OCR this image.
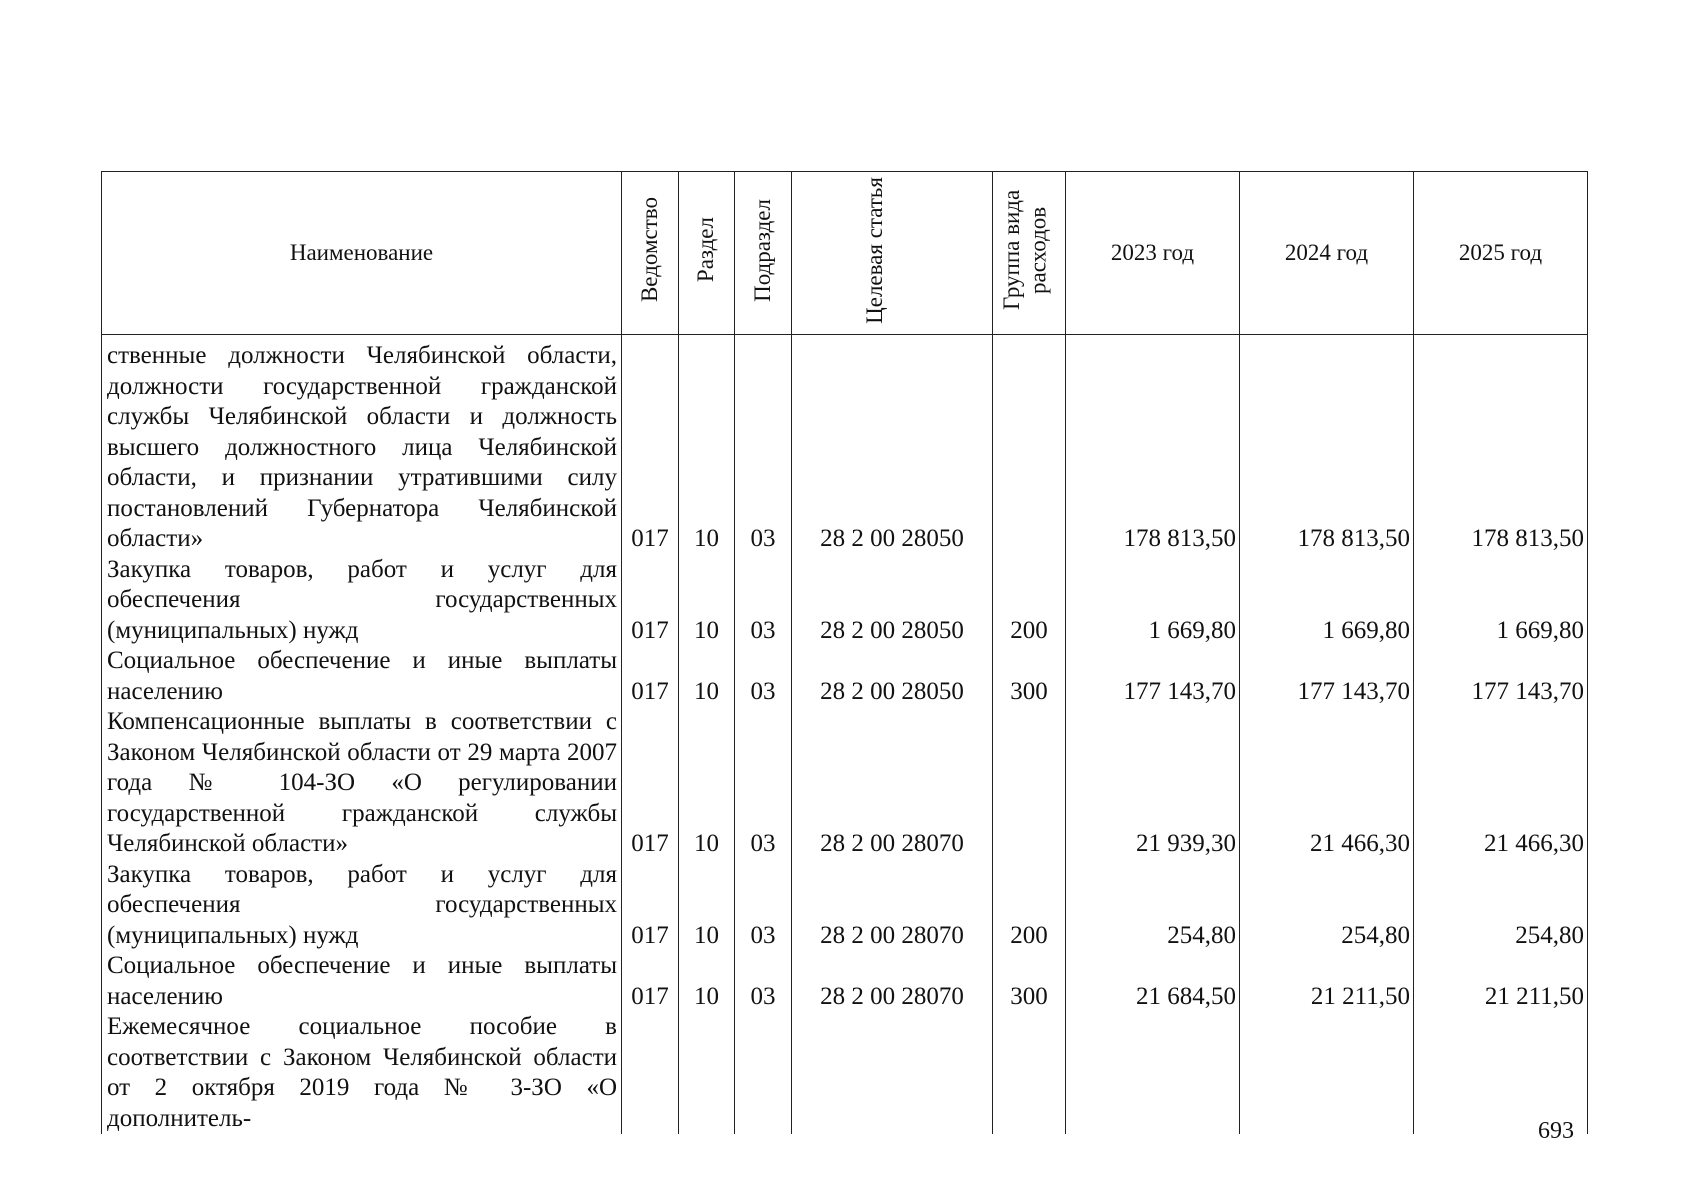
Наименование	Ведомство	Раздел	Подраздел	Целевая статья	Группа вида расходов	2023 год	2024 год	2025 год
ственные должности Челябинской области, должности государственной гражданской службы Челябинской области и должность высшего должностного лица Челябинской области, и признании утратившими силу постановлений Губернатора Челябинской области»	017	10	03	28 2 00 28050		178 813,50	178 813,50	178 813,50
Закупка товаров, работ и услуг для обеспечения государственных (муниципальных) нужд	017	10	03	28 2 00 28050	200	1 669,80	1 669,80	1 669,80
Социальное обеспечение и иные выплаты населению	017	10	03	28 2 00 28050	300	177 143,70	177 143,70	177 143,70
Компенсационные выплаты в соответствии с Законом Челябинской области от 29 марта 2007 года № 104-ЗО «О регулировании государственной гражданской службы Челябинской области»	017	10	03	28 2 00 28070		21 939,30	21 466,30	21 466,30
Закупка товаров, работ и услуг для обеспечения государственных (муниципальных) нужд	017	10	03	28 2 00 28070	200	254,80	254,80	254,80
Социальное обеспечение и иные выплаты населению	017	10	03	28 2 00 28070	300	21 684,50	21 211,50	21 211,50
Ежемесячное социальное пособие в соответствии с Законом Челябинской области от 2 октября 2019 года № 3-ЗО «О дополнитель-									693
